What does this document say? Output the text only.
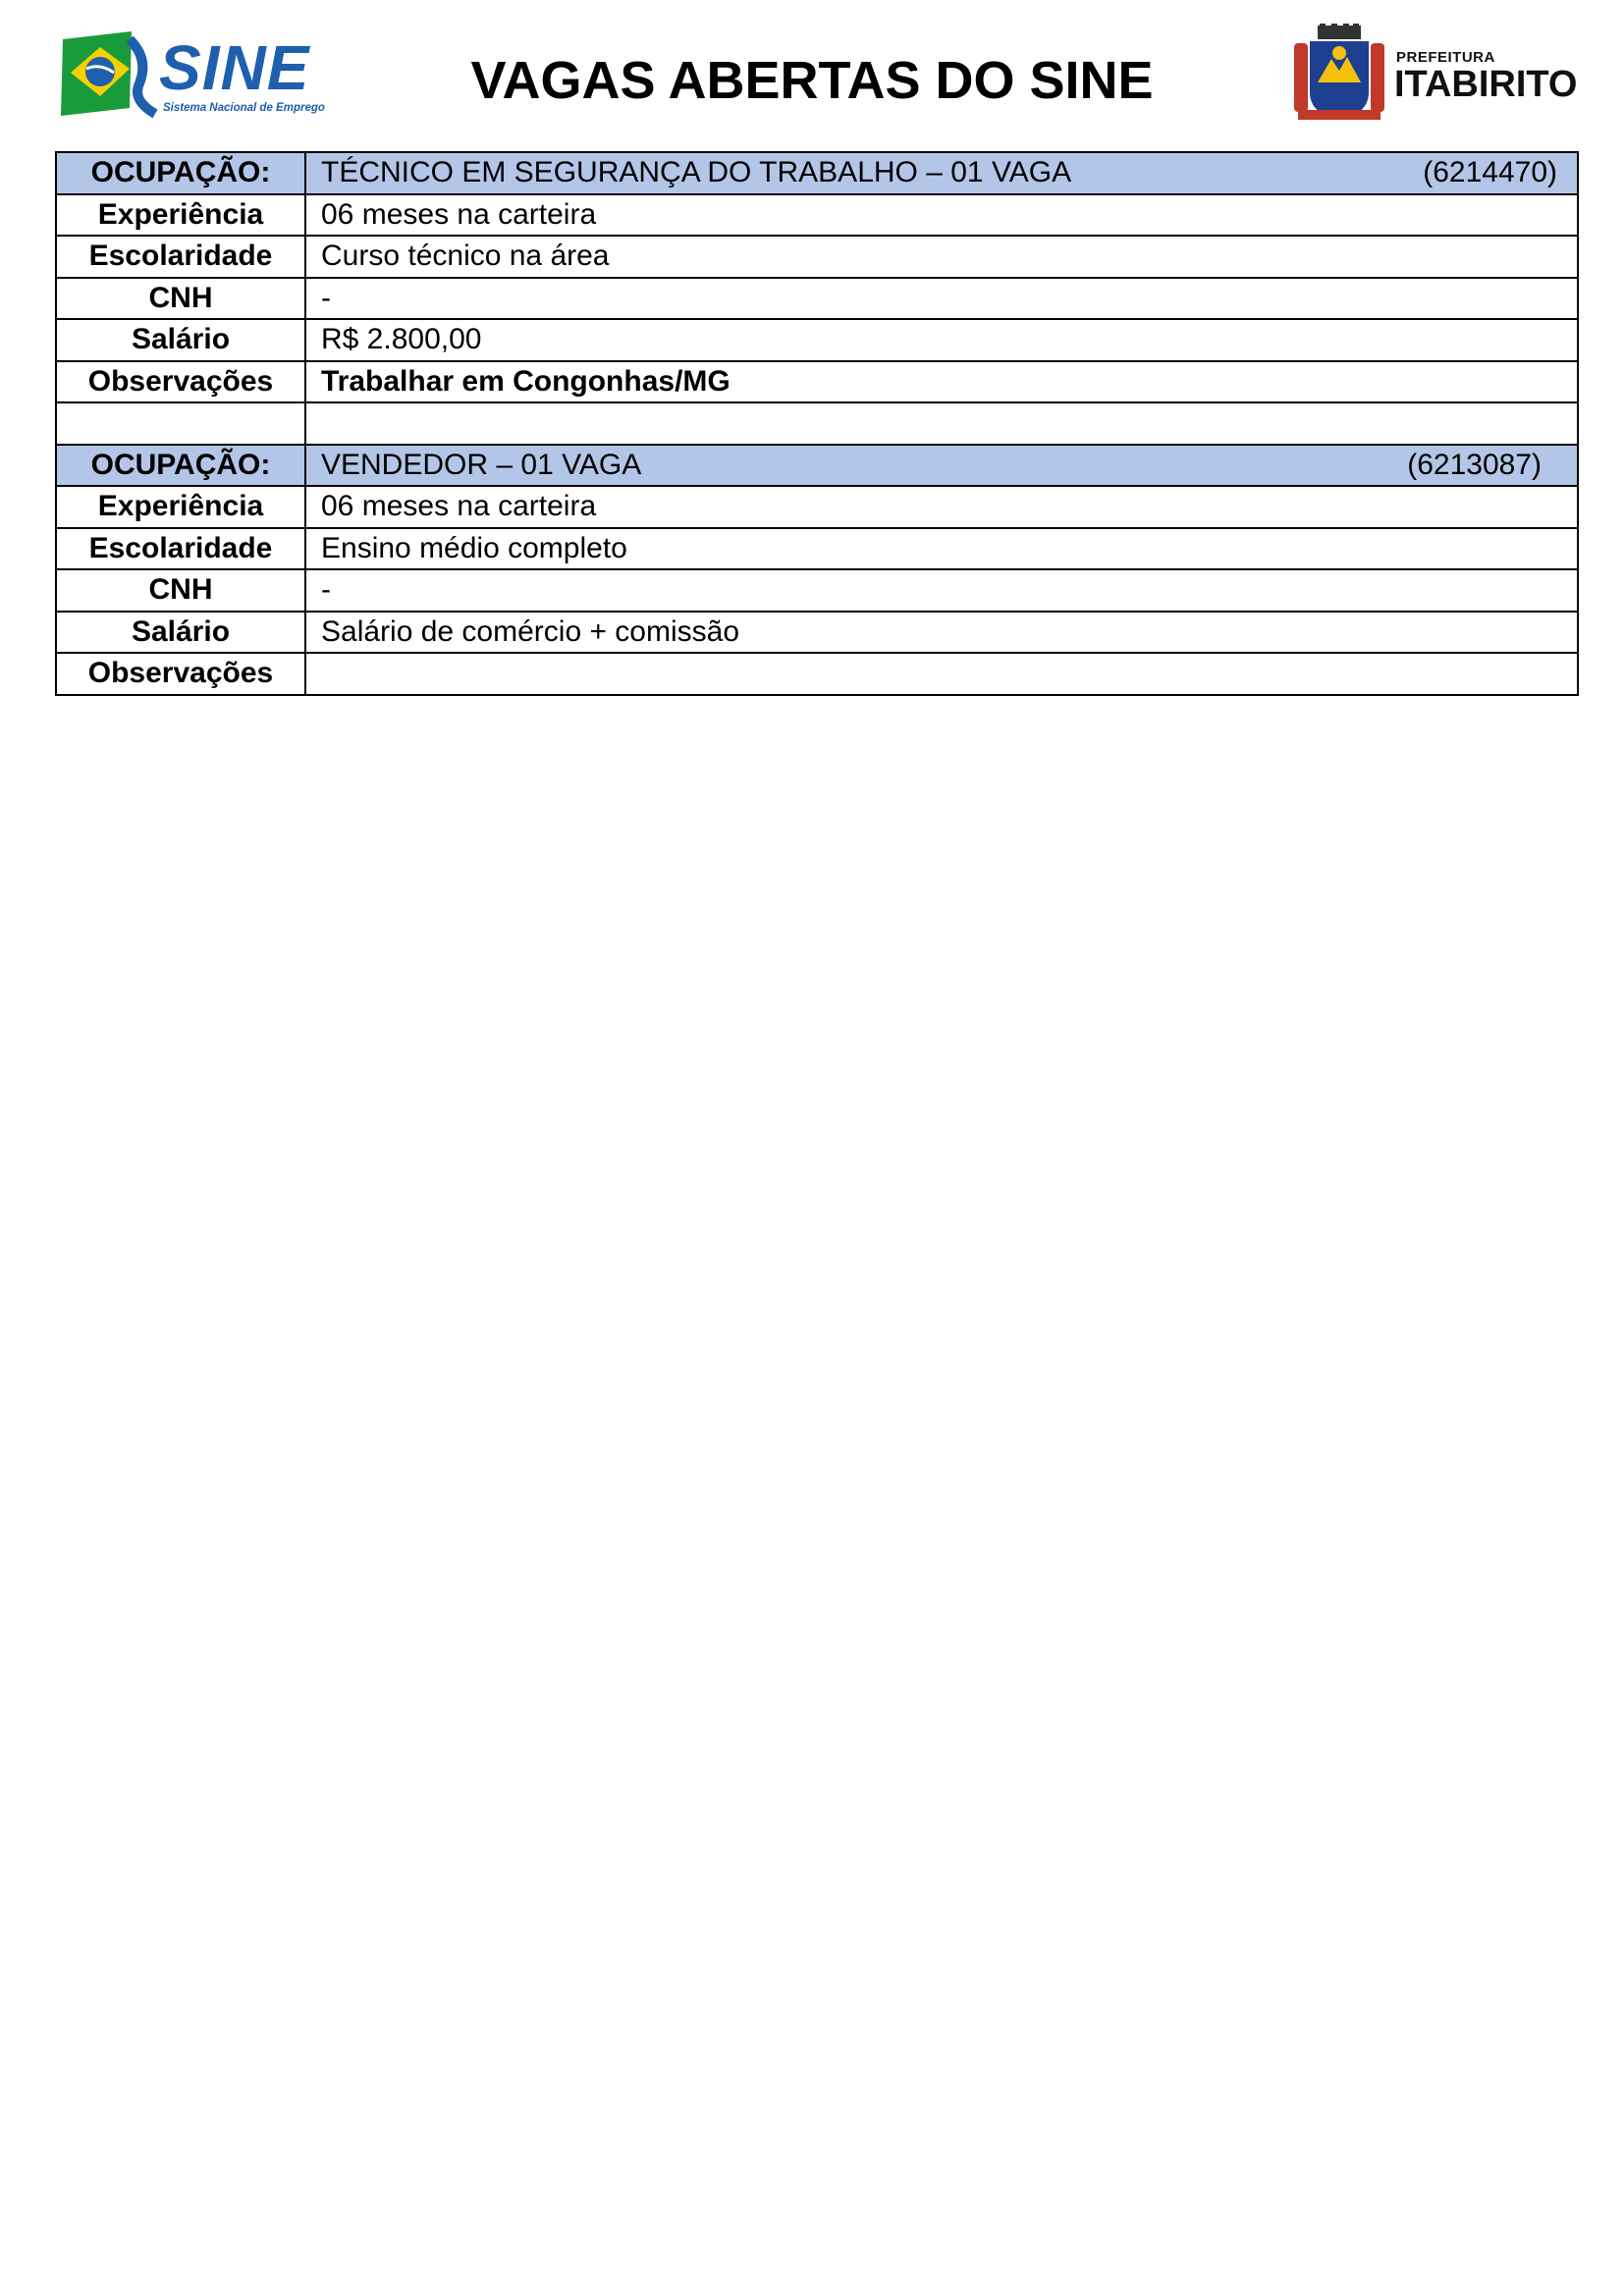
SINE
Sistema Nacional de Emprego	VAGAS ABERTAS DO SINE	PREFEITURA
ITABIRITO
OCUPAÇÃO:	TÉCNICO EM SEGURANÇA DO TRABALHO – 01 VAGA (6214470)

Experiência	06 meses na carteira
Escolaridade	Curso técnico na área
CNH	-
Salário	R$ 2.800,00
Observações	Trabalhar em Congonhas/MG

OCUPAÇÃO:	VENDEDOR – 01 VAGA (6213087)

Experiência	06 meses na carteira
Escolaridade	Ensino médio completo
CNH	-
Salário	Salário de comércio + comissão
Observações	
